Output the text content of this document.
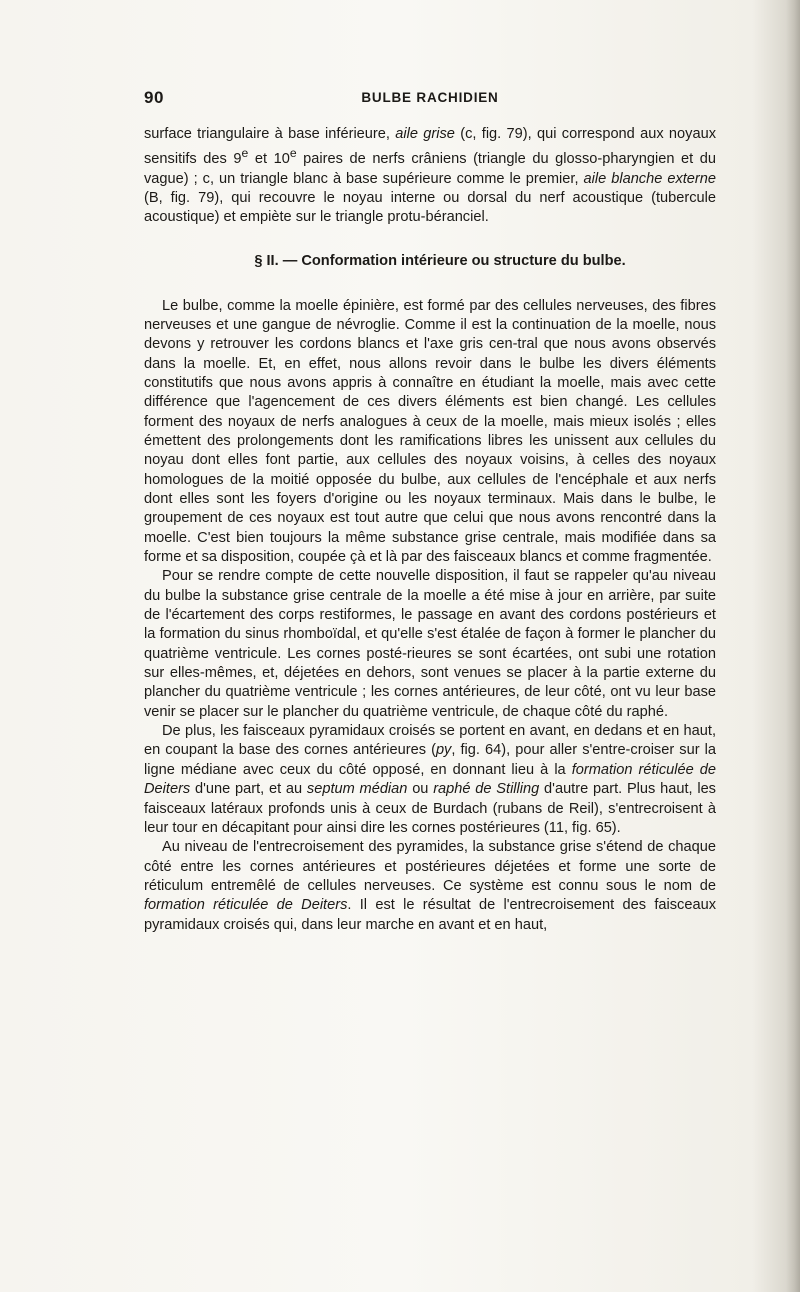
90	BULBE RACHIDIEN

surface triangulaire à base inférieure, aile grise (c, fig. 79), qui correspond aux noyaux sensitifs des 9e et 10e paires de nerfs crâniens (triangle du glosso-pharyngien et du vague) ; c, un triangle blanc à base supérieure comme le premier, aile blanche externe (B, fig. 79), qui recouvre le noyau interne ou dorsal du nerf acoustique (tubercule acoustique) et empiète sur le triangle protu-béranciel.

§ II. — Conformation intérieure ou structure du bulbe.

Le bulbe, comme la moelle épinière, est formé par des cellules nerveuses, des fibres nerveuses et une gangue de névroglie. Comme il est la continuation de la moelle, nous devons y retrouver les cordons blancs et l'axe gris cen-tral que nous avons observés dans la moelle. Et, en effet, nous allons revoir dans le bulbe les divers éléments constitutifs que nous avons appris à connaître en étudiant la moelle, mais avec cette différence que l'agencement de ces divers éléments est bien changé. Les cellules forment des noyaux de nerfs analogues à ceux de la moelle, mais mieux isolés ; elles émettent des prolongements dont les ramifications libres les unissent aux cellules du noyau dont elles font partie, aux cellules des noyaux voisins, à celles des noyaux homologues de la moitié opposée du bulbe, aux cellules de l'encéphale et aux nerfs dont elles sont les foyers d'origine ou les noyaux terminaux. Mais dans le bulbe, le groupement de ces noyaux est tout autre que celui que nous avons rencontré dans la moelle. C'est bien toujours la même substance grise centrale, mais modifiée dans sa forme et sa disposition, coupée çà et là par des faisceaux blancs et comme fragmentée.

Pour se rendre compte de cette nouvelle disposition, il faut se rappeler qu'au niveau du bulbe la substance grise centrale de la moelle a été mise à jour en arrière, par suite de l'écartement des corps restiformes, le passage en avant des cordons postérieurs et la formation du sinus rhomboïdal, et qu'elle s'est étalée de façon à former le plancher du quatrième ventricule. Les cornes posté-rieures se sont écartées, ont subi une rotation sur elles-mêmes, et, déjetées en dehors, sont venues se placer à la partie externe du plancher du quatrième ventricule ; les cornes antérieures, de leur côté, ont vu leur base venir se placer sur le plancher du quatrième ventricule, de chaque côté du raphé.

De plus, les faisceaux pyramidaux croisés se portent en avant, en dedans et en haut, en coupant la base des cornes antérieures (py, fig. 64), pour aller s'entre-croiser sur la ligne médiane avec ceux du côté opposé, en donnant lieu à la formation réticulée de Deiters d'une part, et au septum médian ou raphé de Stilling d'autre part. Plus haut, les faisceaux latéraux profonds unis à ceux de Burdach (rubans de Reil), s'entrecroisent à leur tour en décapitant pour ainsi dire les cornes postérieures (11, fig. 65).

Au niveau de l'entrecroisement des pyramides, la substance grise s'étend de chaque côté entre les cornes antérieures et postérieures déjetées et forme une sorte de réticulum entremêlé de cellules nerveuses. Ce système est connu sous le nom de formation réticulée de Deiters. Il est le résultat de l'entrecroisement des faisceaux pyramidaux croisés qui, dans leur marche en avant et en haut,
